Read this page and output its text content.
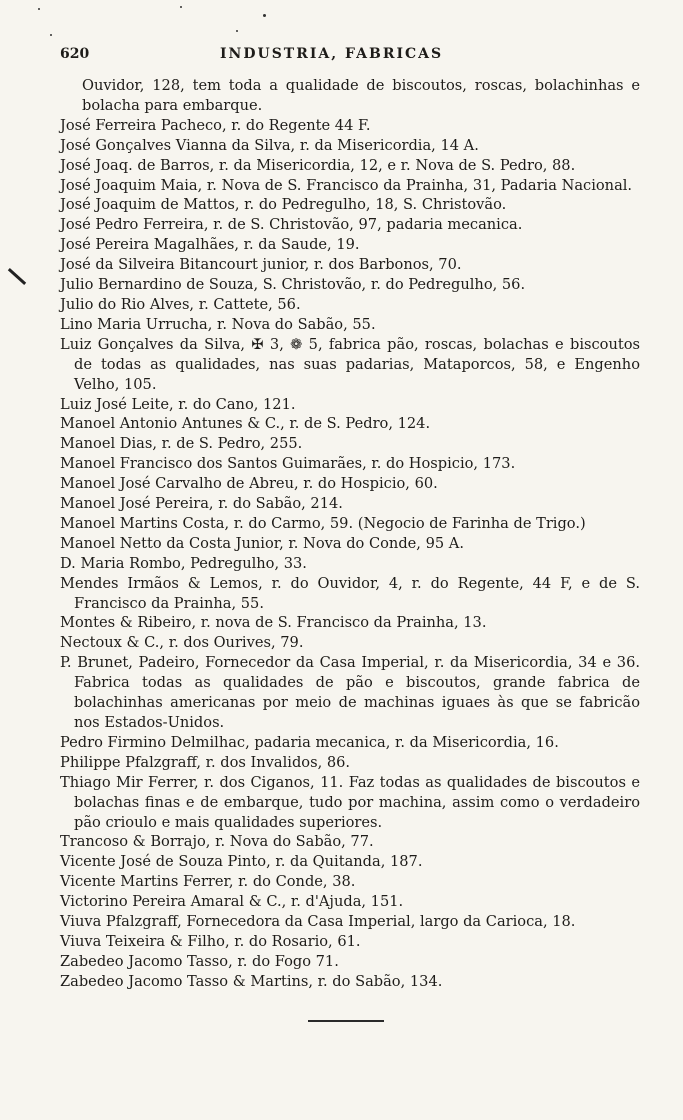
620	INDUSTRIA, FABRICAS
Ouvidor, 128, tem toda a qualidade de biscoutos, roscas, bolachinhas e bolacha para embarque.
José Ferreira Pacheco, r. do Regente 44 F.
José Gonçalves Vianna da Silva, r. da Misericordia, 14 A.
José Joaq. de Barros, r. da Misericordia, 12, e r. Nova de S. Pedro, 88.
José Joaquim Maia, r. Nova de S. Francisco da Prainha, 31, Padaria Nacional.
José Joaquim de Mattos, r. do Pedregulho, 18, S. Christovão.
José Pedro Ferreira, r. de S. Christovão, 97, padaria mecanica.
José Pereira Magalhães, r. da Saude, 19.
José da Silveira Bitancourt junior, r. dos Barbonos, 70.
Julio Bernardino de Souza, S. Christovão, r. do Pedregulho, 56.
Julio do Rio Alves, r. Cattete, 56.
Lino Maria Urrucha, r. Nova do Sabão, 55.
Luiz Gonçalves da Silva, ✠ 3, ❁ 5, fabrica pão, roscas, bolachas e biscoutos de todas as qualidades, nas suas padarias, Mataporcos, 58, e Engenho Velho, 105.
Luiz José Leite, r. do Cano, 121.
Manoel Antonio Antunes & C., r. de S. Pedro, 124.
Manoel Dias, r. de S. Pedro, 255.
Manoel Francisco dos Santos Guimarães, r. do Hospicio, 173.
Manoel José Carvalho de Abreu, r. do Hospicio, 60.
Manoel José Pereira, r. do Sabão, 214.
Manoel Martins Costa, r. do Carmo, 59. (Negocio de Farinha de Trigo.)
Manoel Netto da Costa Junior, r. Nova do Conde, 95 A.
D. Maria Rombo, Pedregulho, 33.
Mendes Irmãos & Lemos, r. do Ouvidor, 4, r. do Regente, 44 F, e de S. Francisco da Prainha, 55.
Montes & Ribeiro, r. nova de S. Francisco da Prainha, 13.
Nectoux & C., r. dos Ourives, 79.
P. Brunet, Padeiro, Fornecedor da Casa Imperial, r. da Misericordia, 34 e 36. Fabrica todas as qualidades de pão e biscoutos, grande fabrica de bolachinhas americanas por meio de machinas iguaes às que se fabricão nos Estados-Unidos.
Pedro Firmino Delmilhac, padaria mecanica, r. da Misericordia, 16.
Philippe Pfalzgraff, r. dos Invalidos, 86.
Thiago Mir Ferrer, r. dos Ciganos, 11. Faz todas as qualidades de biscoutos e bolachas finas e de embarque, tudo por machina, assim como o verdadeiro pão crioulo e mais qualidades superiores.
Trancoso & Borrajo, r. Nova do Sabão, 77.
Vicente José de Souza Pinto, r. da Quitanda, 187.
Vicente Martins Ferrer, r. do Conde, 38.
Victorino Pereira Amaral & C., r. d'Ajuda, 151.
Viuva Pfalzgraff, Fornecedora da Casa Imperial, largo da Carioca, 18.
Viuva Teixeira & Filho, r. do Rosario, 61.
Zabedeo Jacomo Tasso, r. do Fogo 71.
Zabedeo Jacomo Tasso & Martins, r. do Sabão, 134.
